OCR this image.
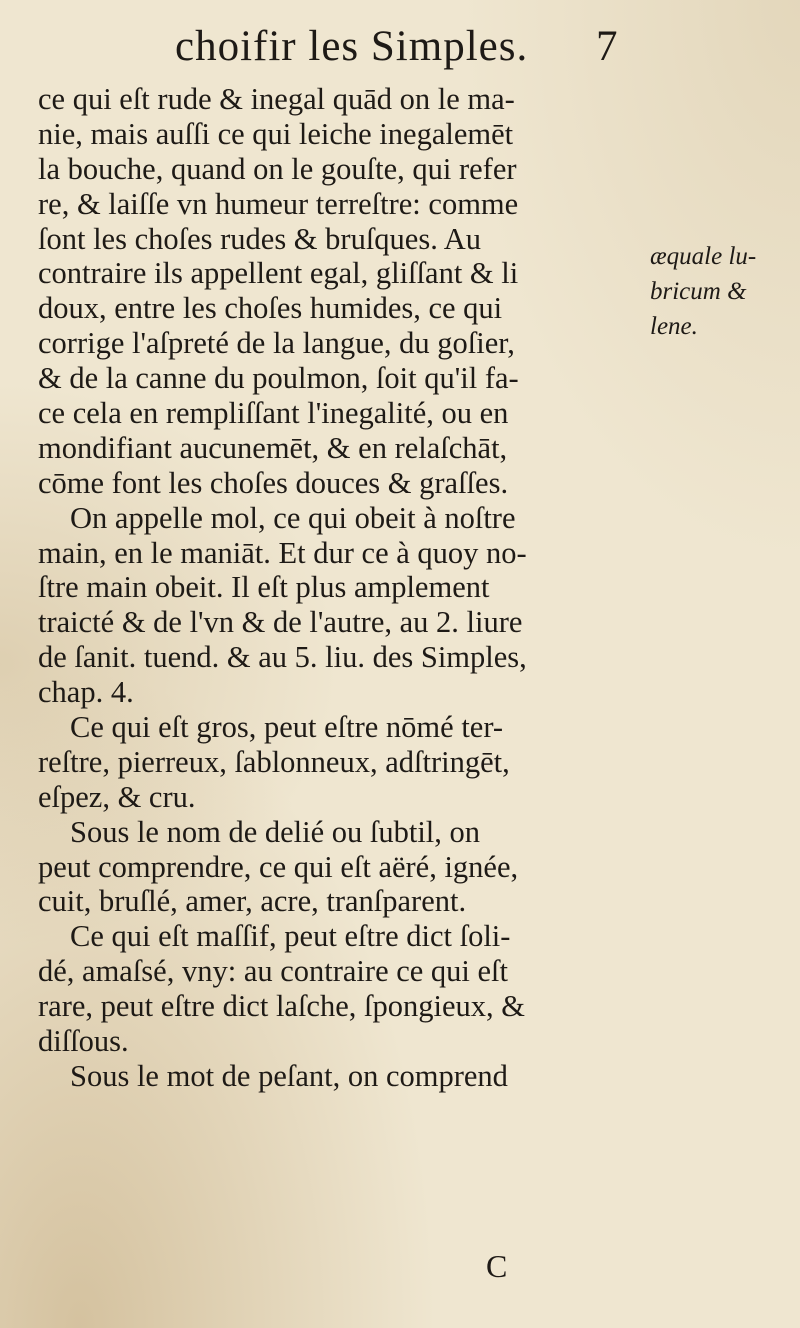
choifir les Simples. 7
ce qui eſt rude & inegal quād on le ma-
nie, mais auſſi ce qui leiche inegalemēt
la bouche, quand on le gouſte, qui refer
re, & laiſſe vn humeur terreſtre: comme
ſont les choſes rudes & bruſques. Au
contraire ils appellent egal, gliſſant & li
doux, entre les choſes humides, ce qui
corrige l'aſpreté de la langue, du goſier,
& de la canne du poulmon, ſoit qu'il fa-
ce cela en rempliſſant l'inegalité, ou en
mondifiant aucunemēt, & en relaſchāt,
cōme font les choſes douces & graſſes.
On appelle mol, ce qui obeit à noſtre
main, en le maniāt. Et dur ce à quoy no-
ſtre main obeit. Il eſt plus amplement
traicté & de l'vn & de l'autre, au 2. liure
de ſanit. tuend. & au 5. liu. des Simples,
chap. 4.
Ce qui eſt gros, peut eſtre nōmé ter-
reſtre, pierreux, ſablonneux, adſtringēt,
eſpez, & cru.
Sous le nom de delié ou ſubtil, on
peut comprendre, ce qui eſt aëré, ignée,
cuit, bruſlé, amer, acre, tranſparent.
Ce qui eſt maſſif, peut eſtre dict ſoli-
dé, amaſsé, vny: au contraire ce qui eſt
rare, peut eſtre dict laſche, ſpongieux, &
diſſous.
Sous le mot de peſant, on comprend
æquale lu-
bricum &
lene.
C
